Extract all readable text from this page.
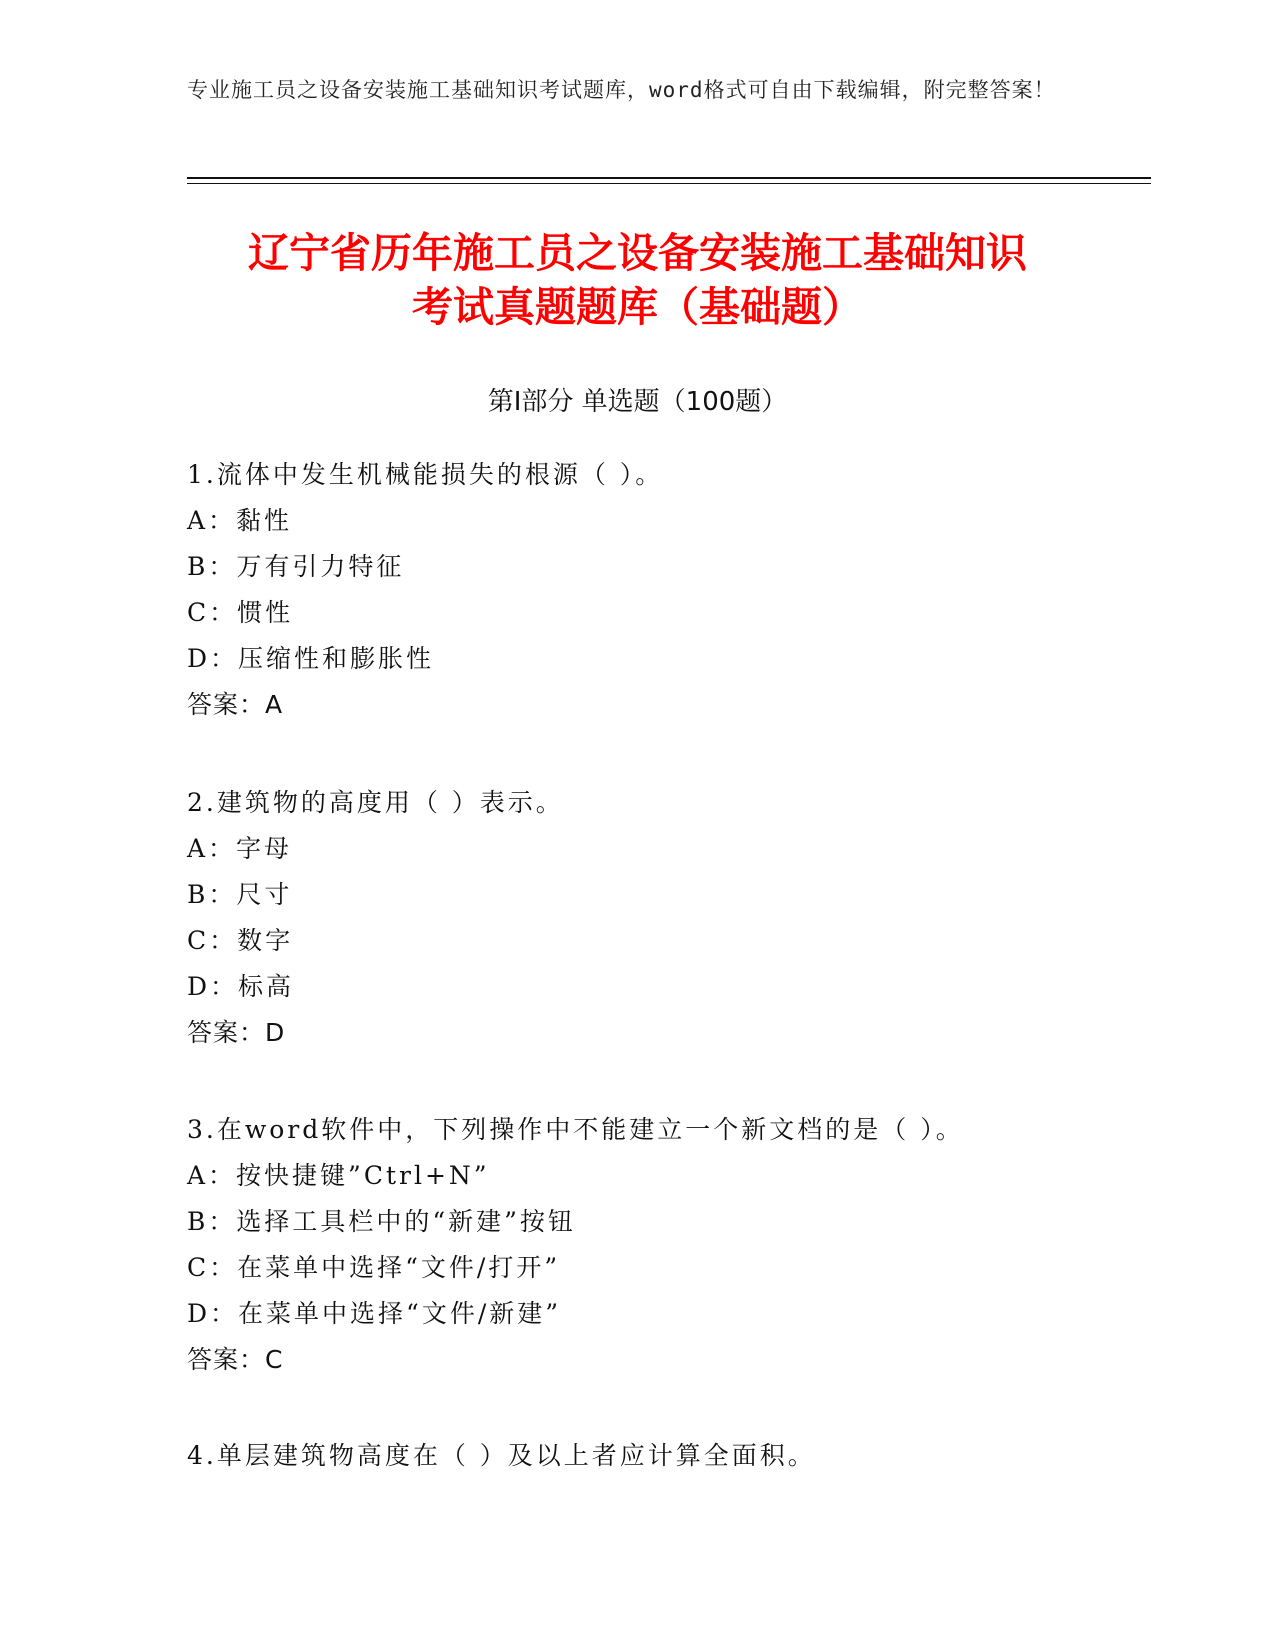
专业施工员之设备安装施工基础知识考试题库，word格式可自由下载编辑，附完整答案！
辽宁省历年施工员之设备安装施工基础知识
考试真题题库（基础题）
第Ⅰ部分 单选题（100题）
1.流体中发生机械能损失的根源（ ）。
A：黏性
B：万有引力特征
C：惯性
D：压缩性和膨胀性
答案：A
2.建筑物的高度用（ ）表示。
A：字母
B：尺寸
C：数字
D：标高
答案：D
3.在word软件中，下列操作中不能建立一个新文档的是（ ）。
A：按快捷键”Ctrl+N”
B：选择工具栏中的“新建”按钮
C：在菜单中选择“文件/打开”
D：在菜单中选择“文件/新建”
答案：C
4.单层建筑物高度在（ ）及以上者应计算全面积。
